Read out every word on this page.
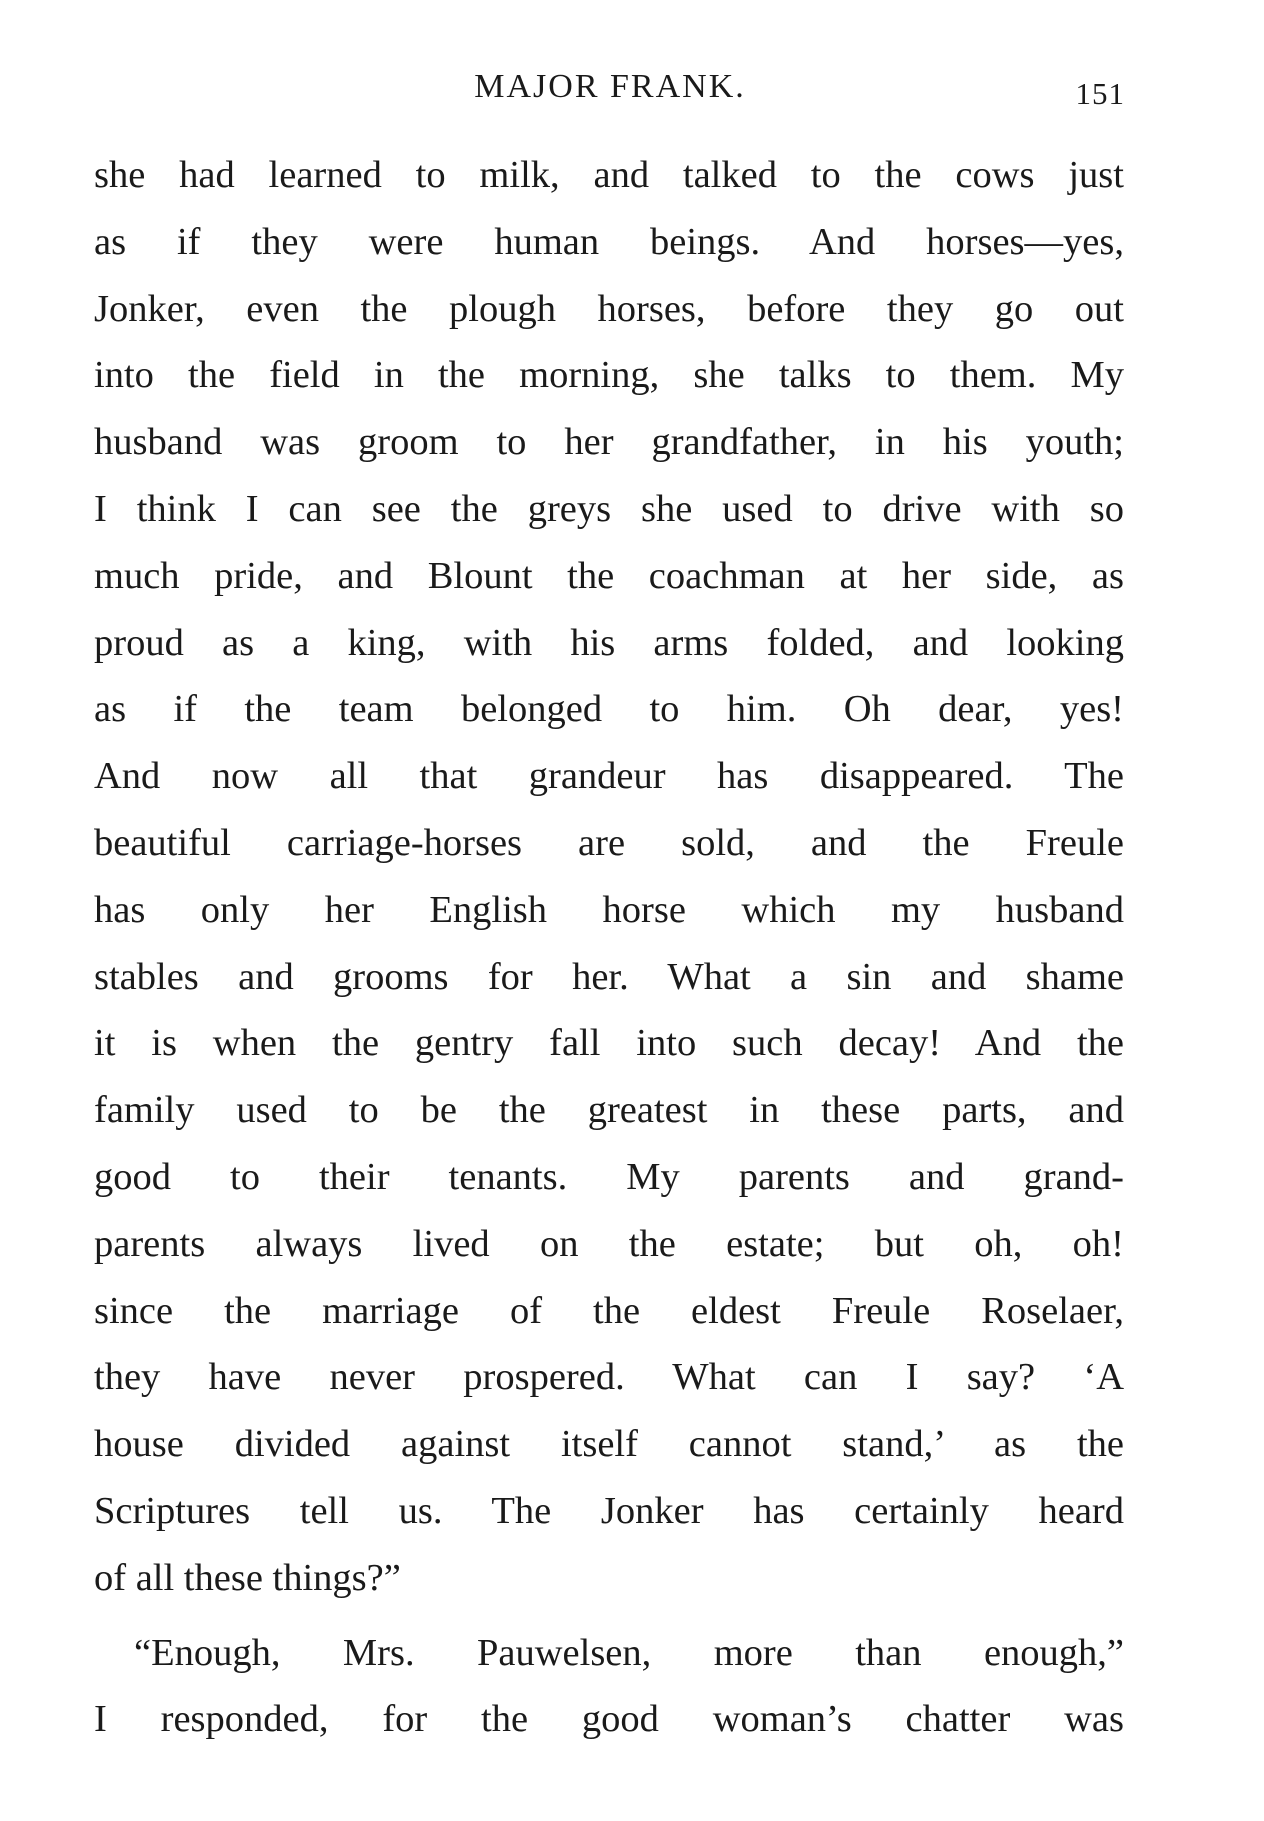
MAJOR FRANK.	151
she had learned to milk, and talked to the cows just
as if they were human beings. And horses—yes,
Jonker, even the plough horses, before they go out
into the field in the morning, she talks to them. My
husband was groom to her grandfather, in his youth;
I think I can see the greys she used to drive with so
much pride, and Blount the coachman at her side, as
proud as a king, with his arms folded, and looking
as if the team belonged to him. Oh dear, yes!
And now all that grandeur has disappeared. The
beautiful carriage-horses are sold, and the Freule
has only her English horse which my husband
stables and grooms for her. What a sin and shame
it is when the gentry fall into such decay! And the
family used to be the greatest in these parts, and
good to their tenants. My parents and grand-
parents always lived on the estate; but oh, oh!
since the marriage of the eldest Freule Roselaer,
they have never prospered. What can I say? ‘A
house divided against itself cannot stand,’ as the
Scriptures tell us. The Jonker has certainly heard
of all these things?”
“Enough, Mrs. Pauwelsen, more than enough,”
I responded, for the good woman’s chatter was
